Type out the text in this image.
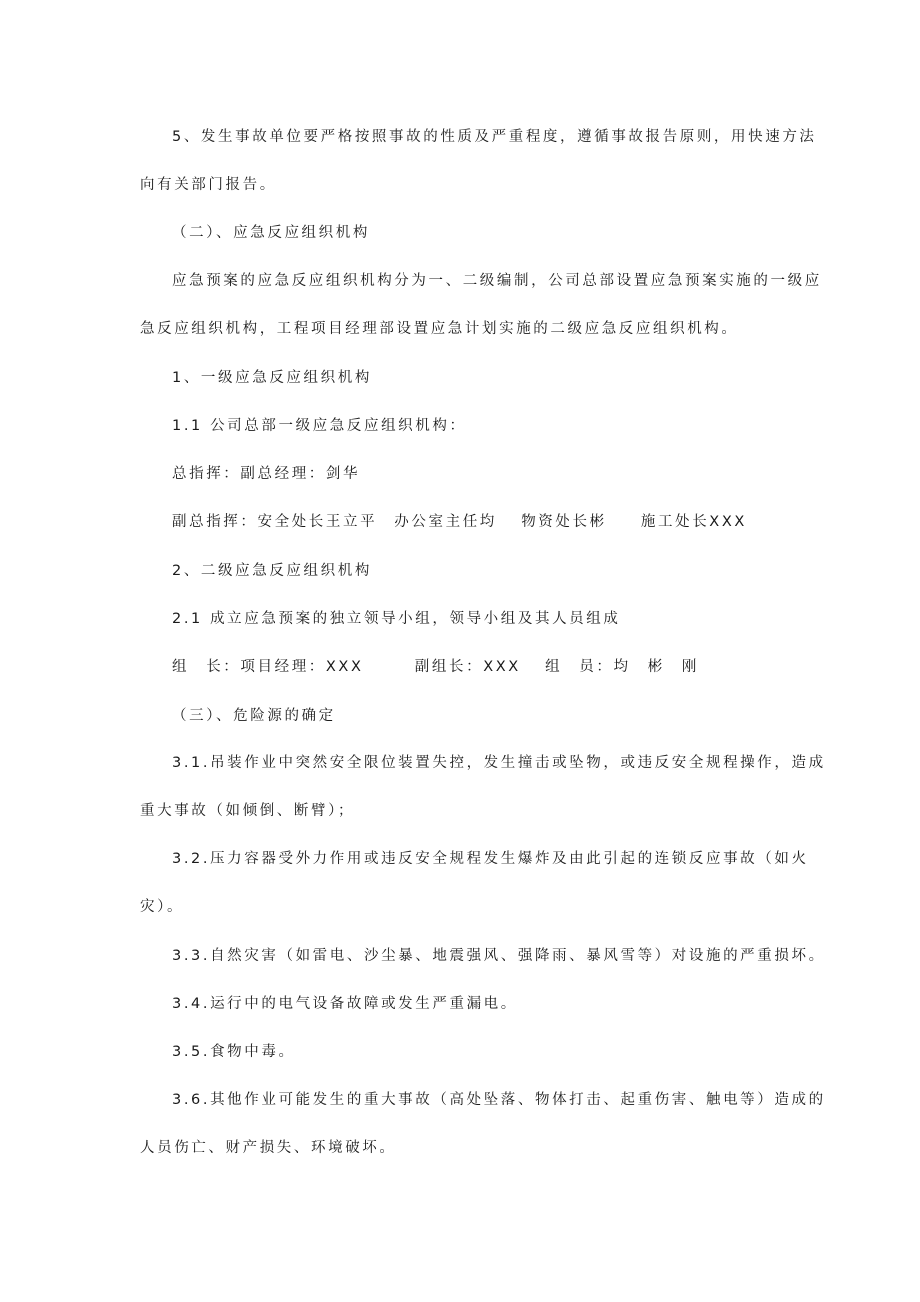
5、发生事故单位要严格按照事故的性质及严重程度，遵循事故报告原则，用快速方法
向有关部门报告。
（二）、应急反应组织机构
应急预案的应急反应组织机构分为一、二级编制，公司总部设置应急预案实施的一级应
急反应组织机构，工程项目经理部设置应急计划实施的二级应急反应组织机构。
1、一级应急反应组织机构
1.1 公司总部一级应急反应组织机构：
总指挥：副总经理：剑华
副总指挥：安全处长王立平　办公室主任均　 物资处长彬　　施工处长XXX
2、二级应急反应组织机构
2.1 成立应急预案的独立领导小组，领导小组及其人员组成
组　长：项目经理：XXX　　　副组长：XXX　 组　员：均　彬　刚
（三）、危险源的确定
3.1.吊装作业中突然安全限位装置失控，发生撞击或坠物，或违反安全规程操作，造成
重大事故（如倾倒、断臂）；
3.2.压力容器受外力作用或违反安全规程发生爆炸及由此引起的连锁反应事故（如火
灾）。
3.3.自然灾害（如雷电、沙尘暴、地震强风、强降雨、暴风雪等）对设施的严重损坏。
3.4.运行中的电气设备故障或发生严重漏电。
3.5.食物中毒。
3.6.其他作业可能发生的重大事故（高处坠落、物体打击、起重伤害、触电等）造成的
人员伤亡、财产损失、环境破坏。
